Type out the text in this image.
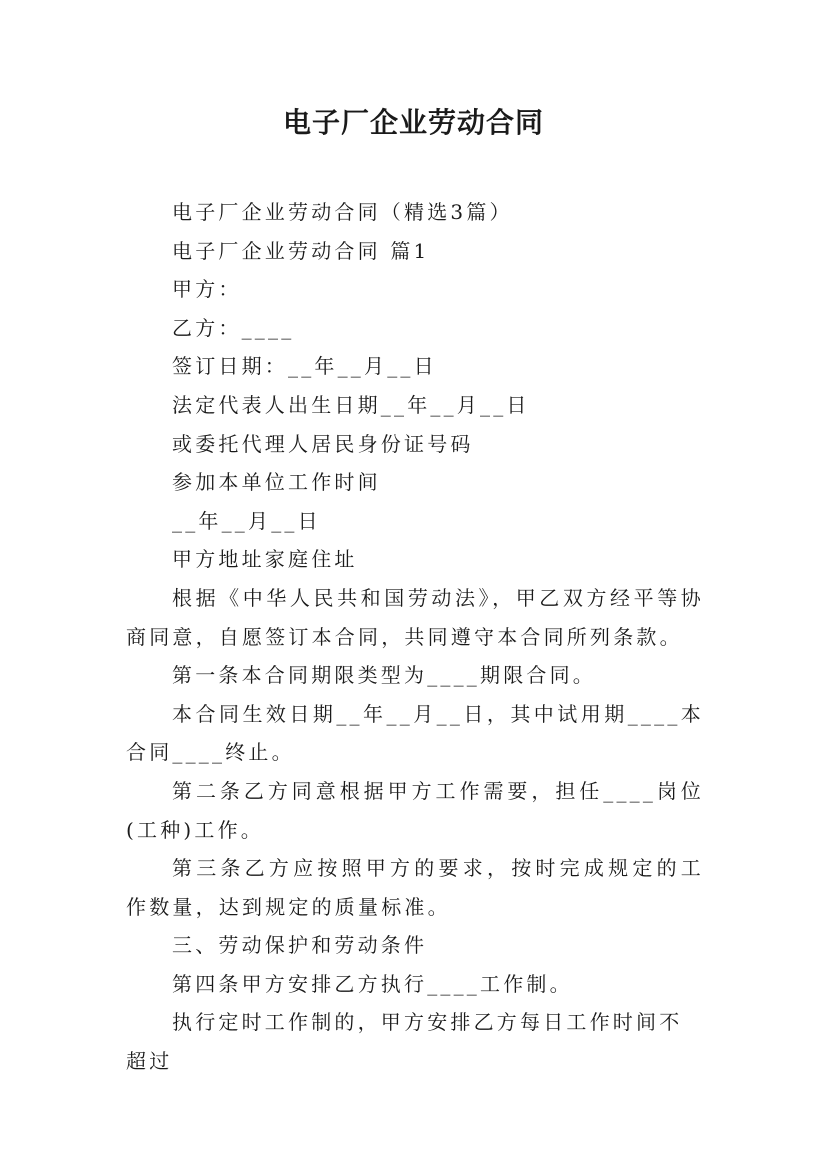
电子厂企业劳动合同

电子厂企业劳动合同（精选3篇）

电子厂企业劳动合同 篇1

甲方：

乙方：____

签订日期：__年__月__日

法定代表人出生日期__年__月__日

或委托代理人居民身份证号码

参加本单位工作时间

__年__月__日

甲方地址家庭住址

根据《中华人民共和国劳动法》，甲乙双方经平等协商同意，自愿签订本合同，共同遵守本合同所列条款。

第一条本合同期限类型为____期限合同。

本合同生效日期__年__月__日，其中试用期____本合同____终止。

第二条乙方同意根据甲方工作需要，担任____岗位(工种)工作。

第三条乙方应按照甲方的要求，按时完成规定的工作数量，达到规定的质量标准。

三、劳动保护和劳动条件

第四条甲方安排乙方执行____工作制。

执行定时工作制的，甲方安排乙方每日工作时间不超过
